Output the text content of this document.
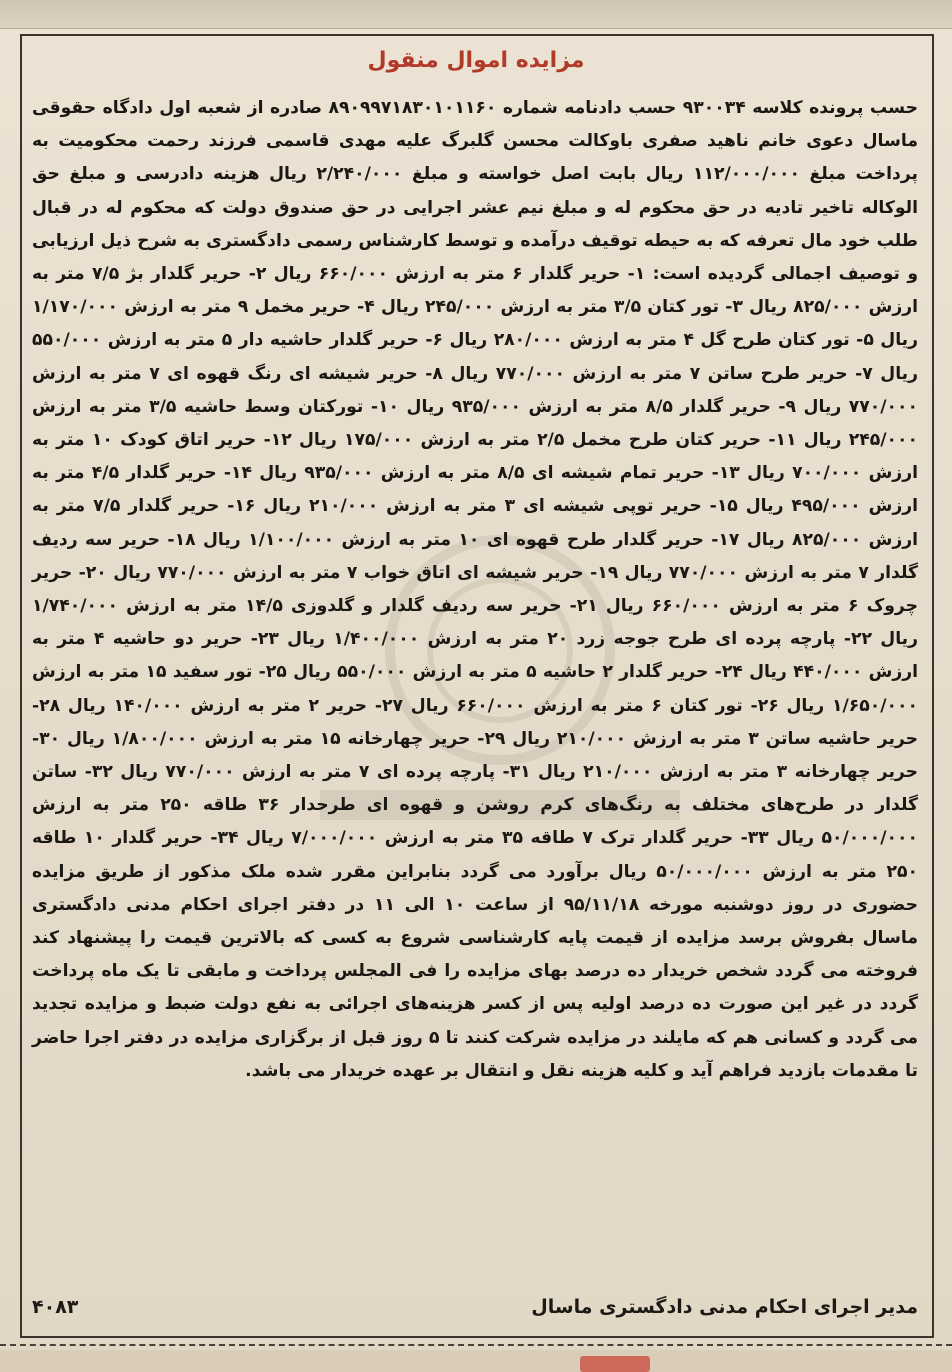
مزایده اموال منقول
حسب پرونده کلاسه ۹۳۰۰۳۴ حسب دادنامه شماره ۸۹۰۹۹۷۱۸۳۰۱۰۱۱۶۰ صادره از شعبه اول دادگاه حقوقی ماسال دعوی خانم ناهید صفری باوکالت محسن گلبرگ علیه مهدی قاسمی فرزند رحمت محکومیت به پرداخت مبلغ ۱۱۲/۰۰۰/۰۰۰ ریال بابت اصل خواسته و مبلغ ۲/۲۴۰/۰۰۰ ریال هزینه دادرسی و مبلغ حق الوکاله تاخیر تادیه در حق محکوم له و مبلغ نیم عشر اجرایی در حق صندوق دولت که محکوم له در قبال طلب خود مال تعرفه که به حیطه توقیف درآمده و توسط کارشناس رسمی دادگستری به شرح ذیل ارزیابی و توصیف اجمالی گردیده است: ۱- حریر گلدار ۶ متر به ارزش ۶۶۰/۰۰۰ ریال ۲- حریر گلدار بژ ۷/۵ متر به ارزش ۸۲۵/۰۰۰ ریال ۳- تور کتان ۳/۵ متر به ارزش ۲۴۵/۰۰۰ ریال ۴- حریر مخمل ۹ متر به ارزش ۱/۱۷۰/۰۰۰ ریال ۵- تور کتان طرح گل ۴ متر به ارزش ۲۸۰/۰۰۰ ریال ۶- حریر گلدار حاشیه دار ۵ متر به ارزش ۵۵۰/۰۰۰ ریال ۷- حریر طرح ساتن ۷ متر به ارزش ۷۷۰/۰۰۰ ریال ۸- حریر شیشه ای رنگ قهوه ای ۷ متر به ارزش ۷۷۰/۰۰۰ ریال ۹- حریر گلدار ۸/۵ متر به ارزش ۹۳۵/۰۰۰ ریال ۱۰- تورکتان وسط حاشیه ۳/۵ متر به ارزش ۲۴۵/۰۰۰ ریال ۱۱- حریر کتان طرح مخمل ۲/۵ متر به ارزش ۱۷۵/۰۰۰ ریال ۱۲- حریر اتاق کودک ۱۰ متر به ارزش ۷۰۰/۰۰۰ ریال ۱۳- حریر تمام شیشه ای ۸/۵ متر به ارزش ۹۳۵/۰۰۰ ریال ۱۴- حریر گلدار ۴/۵ متر به ارزش ۴۹۵/۰۰۰ ریال ۱۵- حریر توپی شیشه ای ۳ متر به ارزش ۲۱۰/۰۰۰ ریال ۱۶- حریر گلدار ۷/۵ متر به ارزش ۸۲۵/۰۰۰ ریال ۱۷- حریر گلدار طرح قهوه ای ۱۰ متر به ارزش ۱/۱۰۰/۰۰۰ ریال ۱۸- حریر سه ردیف گلدار ۷ متر به ارزش ۷۷۰/۰۰۰ ریال ۱۹- حریر شیشه ای اتاق خواب ۷ متر به ارزش ۷۷۰/۰۰۰ ریال ۲۰- حریر چروک ۶ متر به ارزش ۶۶۰/۰۰۰ ریال ۲۱- حریر سه ردیف گلدار و گلدوزی ۱۴/۵ متر به ارزش ۱/۷۴۰/۰۰۰ ریال ۲۲- پارچه پرده ای طرح جوجه زرد ۲۰ متر به ارزش ۱/۴۰۰/۰۰۰ ریال ۲۳- حریر دو حاشیه ۴ متر به ارزش ۴۴۰/۰۰۰ ریال ۲۴- حریر گلدار ۲ حاشیه ۵ متر به ارزش ۵۵۰/۰۰۰ ریال ۲۵- تور سفید ۱۵ متر به ارزش ۱/۶۵۰/۰۰۰ ریال ۲۶- تور کتان ۶ متر به ارزش ۶۶۰/۰۰۰ ریال ۲۷- حریر ۲ متر به ارزش ۱۴۰/۰۰۰ ریال ۲۸- حریر حاشیه ساتن ۳ متر به ارزش ۲۱۰/۰۰۰ ریال ۲۹- حریر چهارخانه ۱۵ متر به ارزش ۱/۸۰۰/۰۰۰ ریال ۳۰- حریر چهارخانه ۳ متر به ارزش ۲۱۰/۰۰۰ ریال ۳۱- پارچه پرده ای ۷ متر به ارزش ۷۷۰/۰۰۰ ریال ۳۲- ساتن گلدار در طرح‌های مختلف به رنگ‌های کرم روشن و قهوه ای طرحدار ۳۶ طاقه ۲۵۰ متر به ارزش ۵۰/۰۰۰/۰۰۰ ریال ۳۳- حریر گلدار ترک ۷ طاقه ۳۵ متر به ارزش ۷/۰۰۰/۰۰۰ ریال ۳۴- حریر گلدار ۱۰ طاقه ۲۵۰ متر به ارزش ۵۰/۰۰۰/۰۰۰ ریال برآورد می گردد بنابراین مقرر شده ملک مذکور از طریق مزایده حضوری در روز دوشنبه مورخه ۹۵/۱۱/۱۸ از ساعت ۱۰ الی ۱۱ در دفتر اجرای احکام مدنی دادگستری ماسال بفروش برسد مزایده از قیمت پایه کارشناسی شروع به کسی که بالاترین قیمت را پیشنهاد کند فروخته می گردد شخص خریدار ده درصد بهای مزایده را فی المجلس پرداخت و مابقی تا یک ماه پرداخت گردد در غیر این صورت ده درصد اولیه پس از کسر هزینه‌های اجرائی به نفع دولت ضبط و مزایده تجدید می گردد و کسانی هم که مایلند در مزایده شرکت کنند تا ۵ روز قبل از برگزاری مزایده در دفتر اجرا حاضر تا مقدمات بازدید فراهم آید و کلیه هزینه نقل و انتقال بر عهده خریدار می باشد.
مدیر اجرای احکام مدنی دادگستری ماسال
۴۰۸۳
